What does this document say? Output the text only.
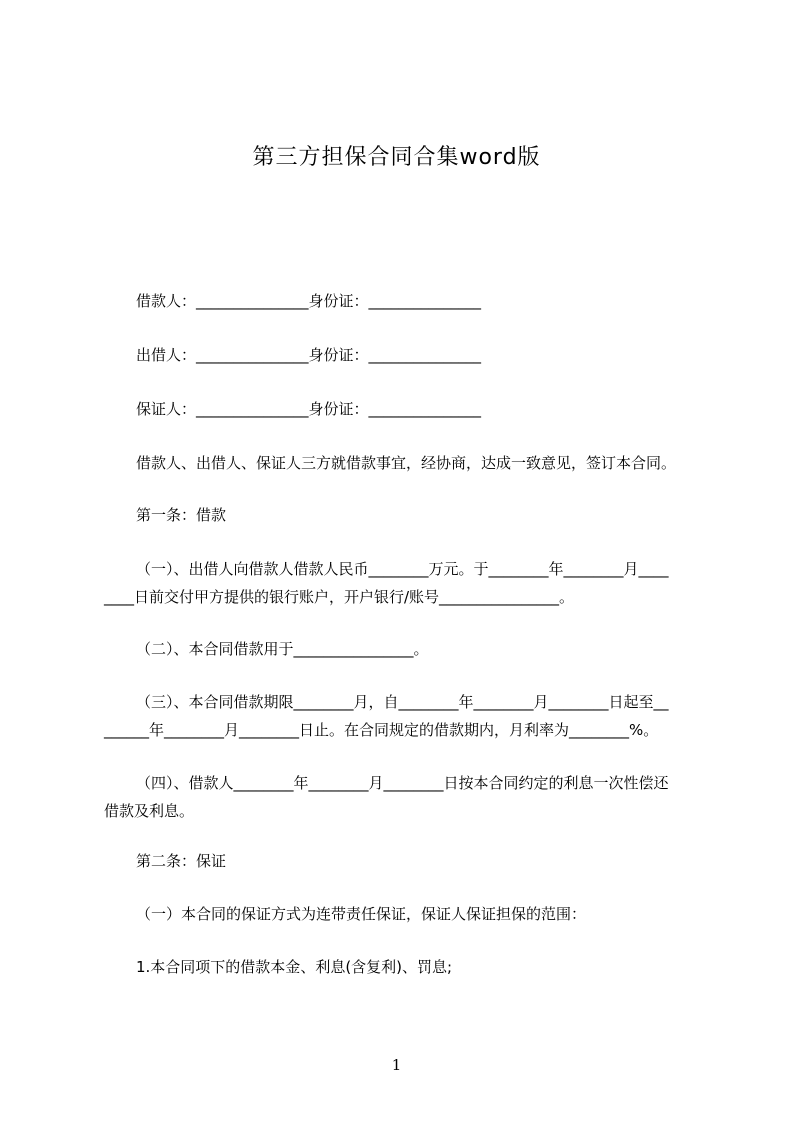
第三方担保合同合集word版
借款人：_______________身份证：_______________
出借人：_______________身份证：_______________
保证人：_______________身份证：_______________
借款人、出借人、保证人三方就借款事宜，经协商，达成一致意见，签订本合同。
第一条：借款
（一）、出借人向借款人借款人民币________万元。于________年________月____
____日前交付甲方提供的银行账户，开户银行/账号________________。
（二）、本合同借款用于________________。
（三）、本合同借款期限________月，自________年________月________日起至__
______年________月________日止。在合同规定的借款期内，月利率为________%。
（四）、借款人________年________月________日按本合同约定的利息一次性偿还
借款及利息。
第二条：保证
（一）本合同的保证方式为连带责任保证，保证人保证担保的范围：
1.本合同项下的借款本金、利息(含复利)、罚息;
1
